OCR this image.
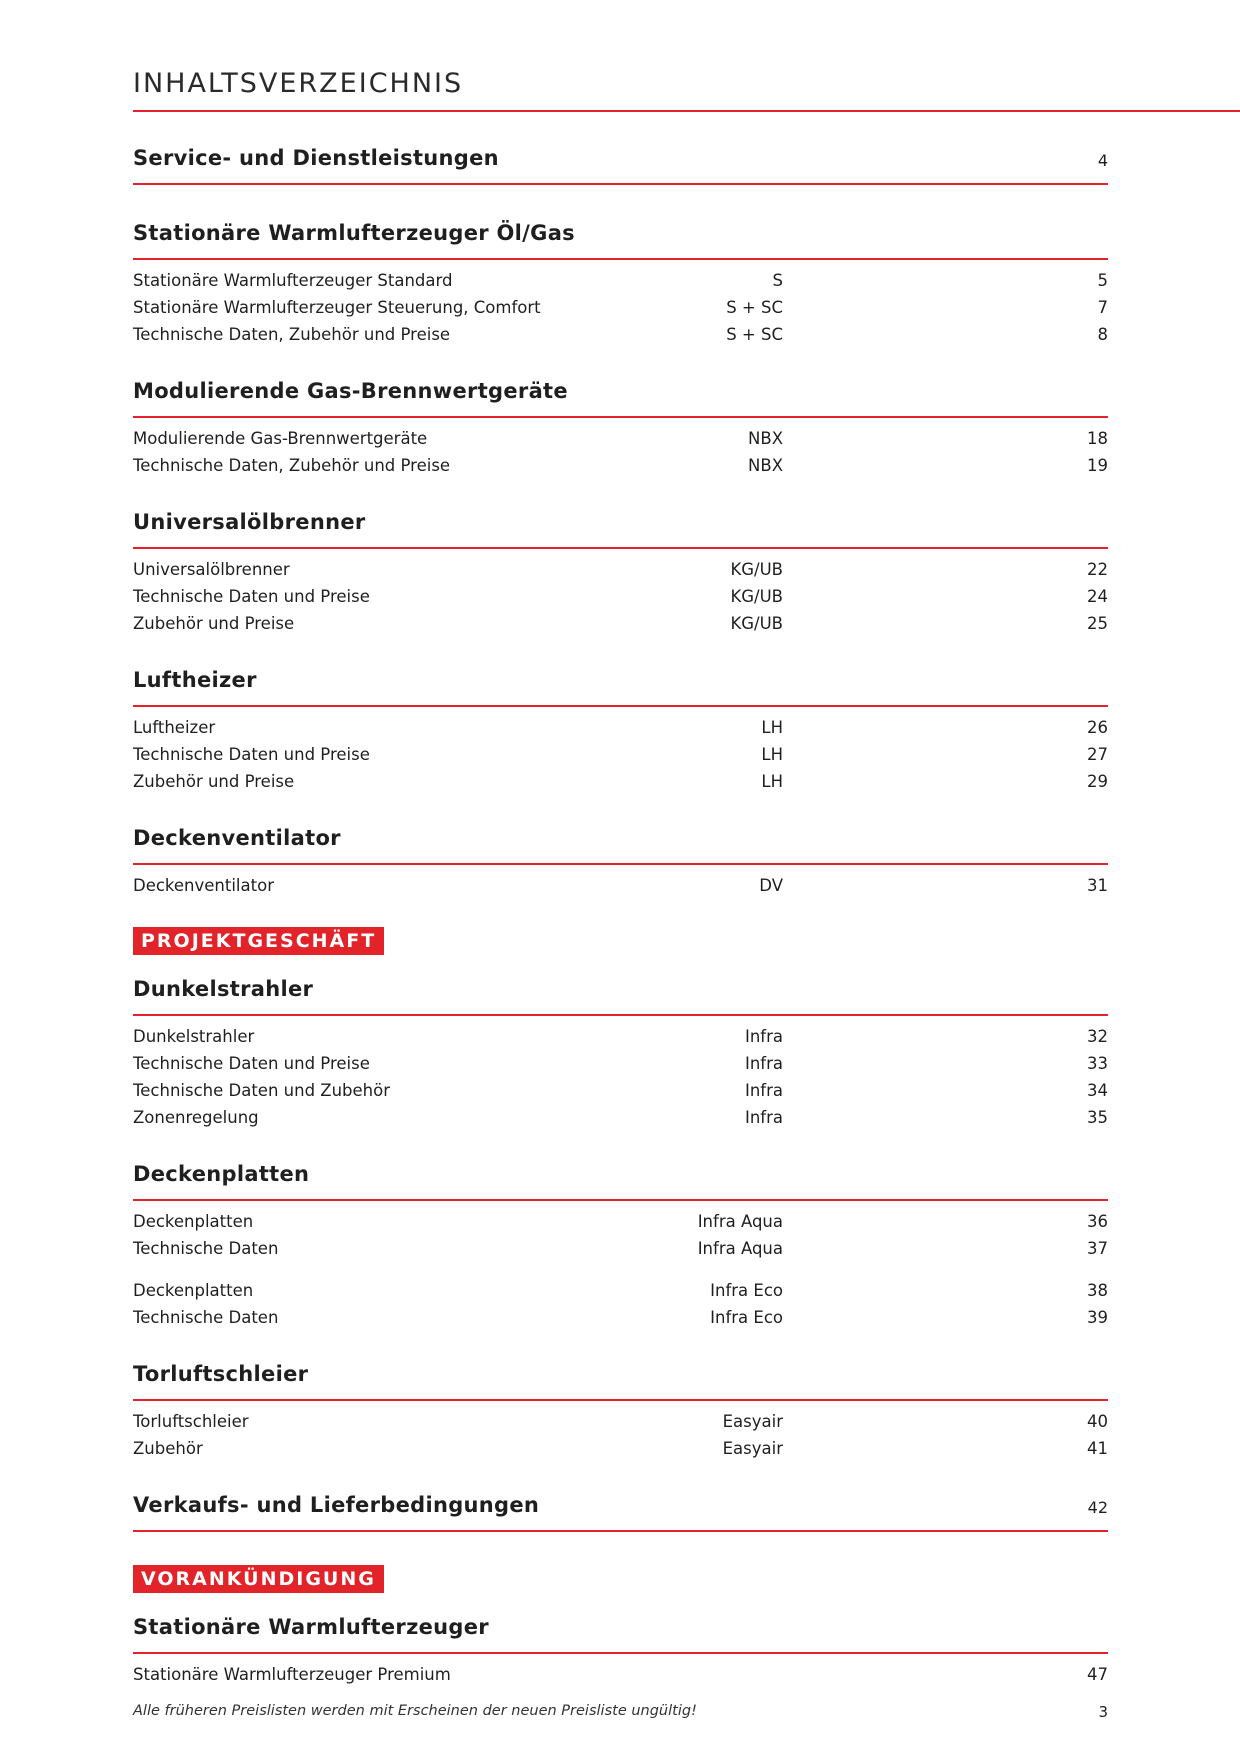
INHALTSVERZEICHNIS
Service- und Dienstleistungen	4
Stationäre Warmlufterzeuger Öl/Gas
Stationäre Warmlufterzeuger Standard	S	5
Stationäre Warmlufterzeuger Steuerung, Comfort	S + SC	7
Technische Daten, Zubehör und Preise	S + SC	8
Modulierende Gas-Brennwertgeräte
Modulierende Gas-Brennwertgeräte	NBX	18
Technische Daten, Zubehör und Preise	NBX	19
Universalölbrenner
Universalölbrenner	KG/UB	22
Technische Daten und Preise	KG/UB	24
Zubehör und Preise	KG/UB	25
Luftheizer
Luftheizer	LH	26
Technische Daten und Preise	LH	27
Zubehör und Preise	LH	29
Deckenventilator
Deckenventilator	DV	31
PROJEKTGESCHÄFT
Dunkelstrahler
Dunkelstrahler	Infra	32
Technische Daten und Preise	Infra	33
Technische Daten und Zubehör	Infra	34
Zonenregelung	Infra	35
Deckenplatten
Deckenplatten	Infra Aqua	36
Technische Daten	Infra Aqua	37
Deckenplatten	Infra Eco	38
Technische Daten	Infra Eco	39
Torluftschleier
Torluftschleier	Easyair	40
Zubehör	Easyair	41
Verkaufs- und Lieferbedingungen	42
VORANKÜNDIGUNG
Stationäre Warmlufterzeuger
Stationäre Warmlufterzeuger Premium	47
Alle früheren Preislisten werden mit Erscheinen der neuen Preisliste ungültig!	3
